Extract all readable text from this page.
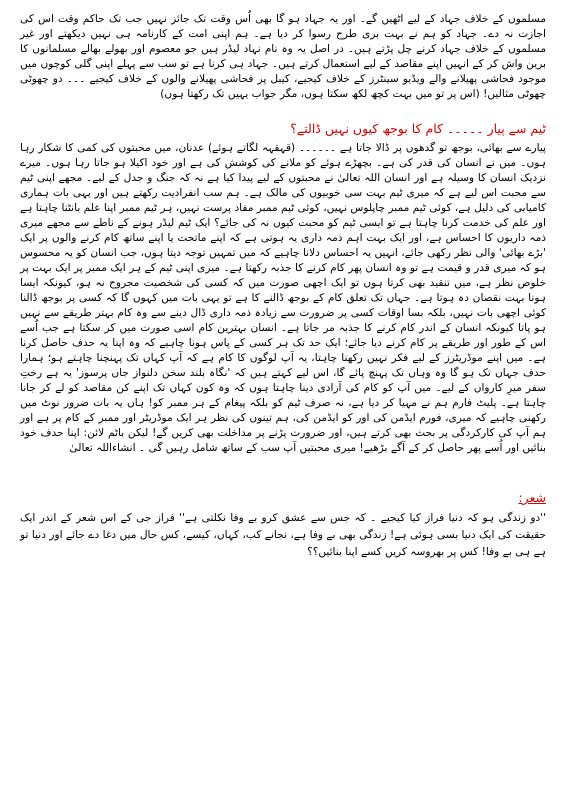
مسلموں کے خلاف جہاد کے لیے اٹھیں گے۔ اور یہ جہاد ہو گا بھی اُس وقت تک جائز نہیں جب تک حاکم وقت اس کی اجازت نہ دے۔ جہاد کو ہم نے بہت بری طرح رسوا کر دیا ہے۔ ہم اپنی امت کے کارنامہ ہی نہیں دیکھتے اور غیر مسلموں کے خلاف جہاد کرنے چل پڑتے ہیں۔ در اصل یہ وہ نام نہاد لیڈر ہیں جو معصوم اور بھولے بھالے مسلمانوں کا برین واش کر کے انہیں اپنے مقاصد کے لیے استعمال کرتے ہیں۔ جہاد ہی کرنا ہے تو سب سے پہلے اپنی گلی کوچوں میں موجود فحاشی پھیلانے والے ویڈیو سینٹرز کے خلاف کیجیے، کیبل پر فحاشی پھیلانے والوں کے خلاف کیجیے ۔۔۔ دو چھوٹی چھوٹی مثالیں! (اس پر تو میں بہت کچھ لکھ سکتا ہوں، مگر جواب یہیں تک رکھتا ہوں)

ٹیم سے پیار ۔۔۔۔۔ کام کا بوجھ کیوں نہیں ڈالتے؟

پیارے سے بھائی، بوجھ تو گدھوں پر ڈالا جاتا ہے ۔۔۔۔۔۔ (قہقہہ لگاتے ہوئے) عدنان، میں محبتوں کی کمی کا شکار رہا ہوں۔ میں نے انسان کی قدر کی ہے۔ بچھڑے ہوئے کو ملانے کی کوشش کی ہے اور خود اکیلا ہو جاتا رہا ہوں۔ میرے نزدیک انسان کا وسیلہ ہے اور انسان اللہ تعالیٰ نے محبتوں کے لیے پیدا کیا ہے نہ کہ جنگ و جدل کے لیے۔ مجھے اپنی ٹیم سے محبت اس لیے ہے کہ میری ٹیم بہت سی خوبیوں کی مالک ہے۔ ہم سب انفرادیت رکھتے ہیں اور یہی بات ہماری کامیابی کی دلیل ہے، کوئی ٹیم ممبر چاپلوس نہیں، کوئی ٹیم ممبر مفاد پرست نہیں، ہر ٹیم ممبر اپنا علم بانٹنا چاہتا ہے اور علم کی خدمت کرنا چاہتا ہے تو ایسی ٹیم کو محبت کیوں نہ کی جائے؟ ایک ٹیم لیڈر ہونے کے ناطے سے مجھے میری ذمہ داریوں کا احساس ہے، اور ایک بہت اہم ذمہ داری یہ ہوتی ہے کہ اپنے ماتحت یا اپنے ساتھ کام کرنے والوں پر ایک 'بڑے بھائی' والی نظر رکھی جائے، انہیں یہ احساس دلانا چاہیے کہ میں تمہیں توجہ دیتا ہوں، جب انسان کو یہ محسوس ہو کہ میری قدر و قیمت ہے تو وہ انسان پھر کام کرنے کا جذبہ رکھتا ہے۔ میری اپنی ٹیم کے ہر ایک ممبر پر ایک بہت پر خلوص نظر ہے، میں تنقید بھی کرتا ہوں تو ایک اچھی صورت میں کہ کسی کی شخصیت مجروح نہ ہو، کیونکہ ایسا ہونا بہت نقصان دہ ہوتا ہے۔ جہاں تک تعلق کام کے بوجھ ڈالنے کا ہے تو یہی بات میں کہوں گا کہ کسی پر بوجھ ڈالنا کوئی اچھی بات نہیں، بلکہ بسا اوقات کسی پر ضرورت سے زیادہ ذمہ داری ڈال دینے سے وہ کام بہتر طریقے سے نہیں ہو پاتا کیونکہ انسان کے اندر کام کرنے کا جذبہ مر جاتا ہے۔ انسان بہترین کام اسی صورت میں کر سکتا ہے جب اُسے اس کے طور اور طریقے پر کام کرنے دیا جائے؛ ایک حد تک ہر کسی کے پاس ہونا چاہیے کہ وہ اپنا یہ حدف حاصل کرنا ہے۔ میں اپنے موڈریٹرز کے لیے فکر نہیں رکھنا چاہتا، یہ آپ لوگوں کا کام ہے کہ آپ کہاں تک پہنچنا چاہتے ہو؛ ہمارا حدف جہاں تک ہو گا وہ وہاں تک پہنچ پائے گا، اس لیے کہتے ہیں کہ 'نگاہ بلند سخن دلنواز جاں پرسوز' یہ ہے رختِ سفر میرِ کارواں کے لیے۔ میں آپ کو کام کی آزادی دینا چاہتا ہوں کہ وہ کون کہاں تک اپنے کن مقاصد کو لے کر جانا چاہتا ہے۔ پلیٹ فارم ہم نے مہیا کر دیا ہے، نہ صرف ٹیم کو بلکہ پیغام کے ہر ممبر کو! ہاں یہ بات ضرور نوٹ میں رکھنی چاہیے کہ میری، فورم ایڈمن کی اور کو ایڈمن کی، ہم تینوں کی نظر ہر ایک موڈریٹر اور ممبر کے کام پر ہے اور ہم آپ کی کارکردگی پر بحث بھی کرتے ہیں، اور ضرورت پڑنے پر مداخلت بھی کریں گے! لیکن باٹم لائن: اپنا حدف خود بنائیں اور اُسے پھر حاصل کر کے آگے بڑھیے! میری محبتیں آپ سب کے ساتھ شامل رہیں گی ۔ انشاءاللہ تعالیٰ

شعر:

''دو زندگی ہو کہ دنیا فراز کیا کیجیے ۔ کہ جس سے عشق کرو بے وفا نکلتی ہے'' فراز جی کے اس شعر کے اندر ایک حقیقت کی ایک دنیا بسی ہوئی ہے! زندگی بھی بے وفا ہے، نجانے کب، کہاں، کیسے، کس حال میں دغا دے جائے اور دنیا تو ہے ہی بے وفا! کس پر بھروسہ کریں کسے اپنا بنائیں؟؟
